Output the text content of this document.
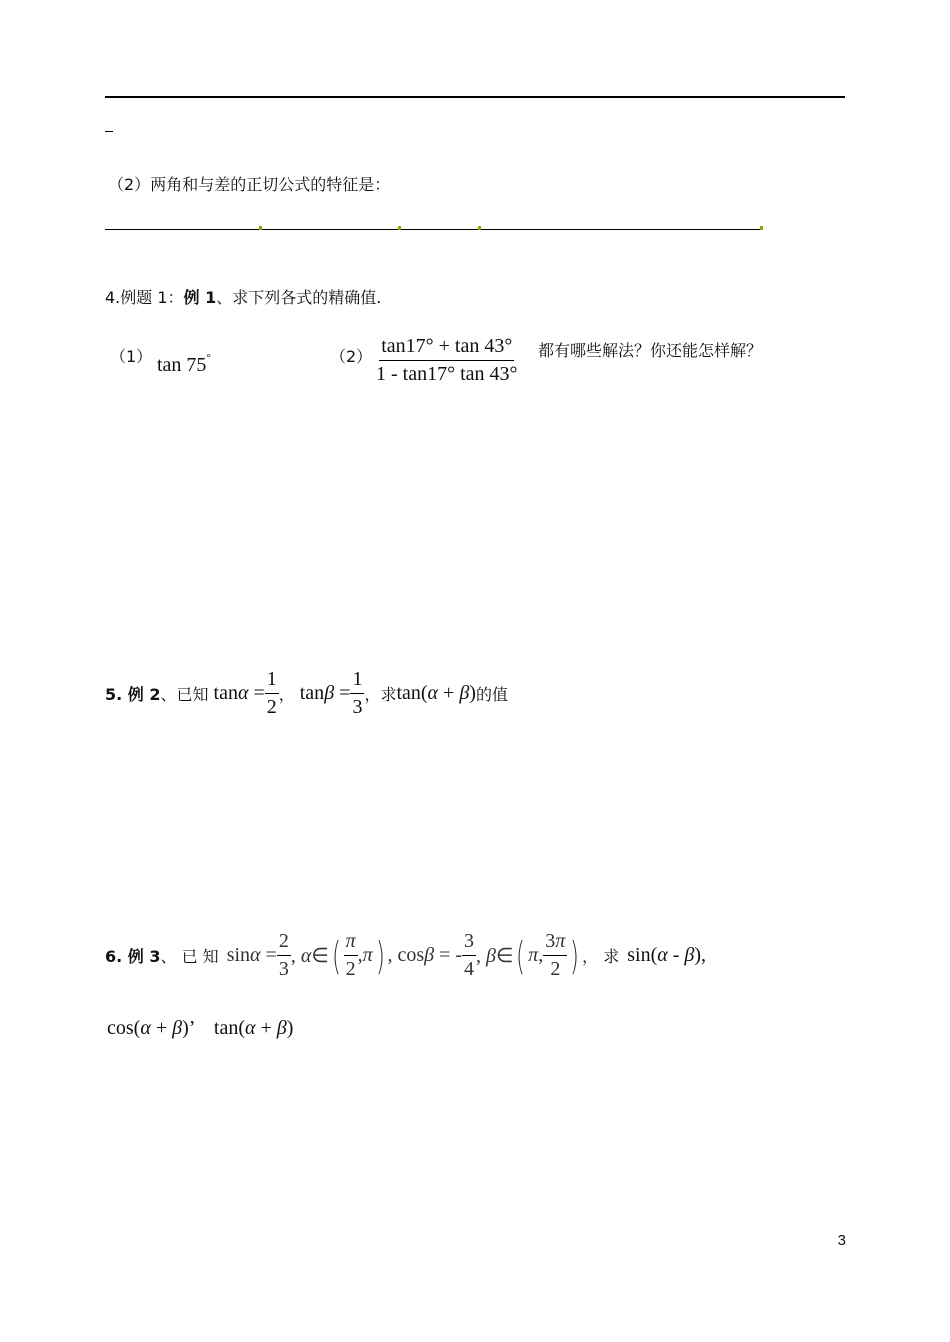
（2）两角和与差的正切公式的特征是：
4.例题 1：例 1、求下列各式的精确值.
（1） tan 75°	$(2) \frac{\tan 17^\circ + \tan 43^\circ}{1 - \tan 17^\circ \tan 43^\circ}$ 都有哪些解法？你还能怎样解？
5. 例 2 、已知 $\tan\alpha = \frac{1}{2}$ ， $\tan\beta = \frac{1}{3}$ ，求 tan(α + β) 的值
6. 例 3 、 已 知 $\sin\alpha = \frac{2}{3}$ , α∈ ( $\frac{\pi}{2} ,\pi$ ) , cosβ = - $\frac{3}{4}$ , β∈ ( π, $\frac{3\pi}{2}$ ) ， 求 sin(α - β),
cos(α + β)’ tan(α + β)
3
